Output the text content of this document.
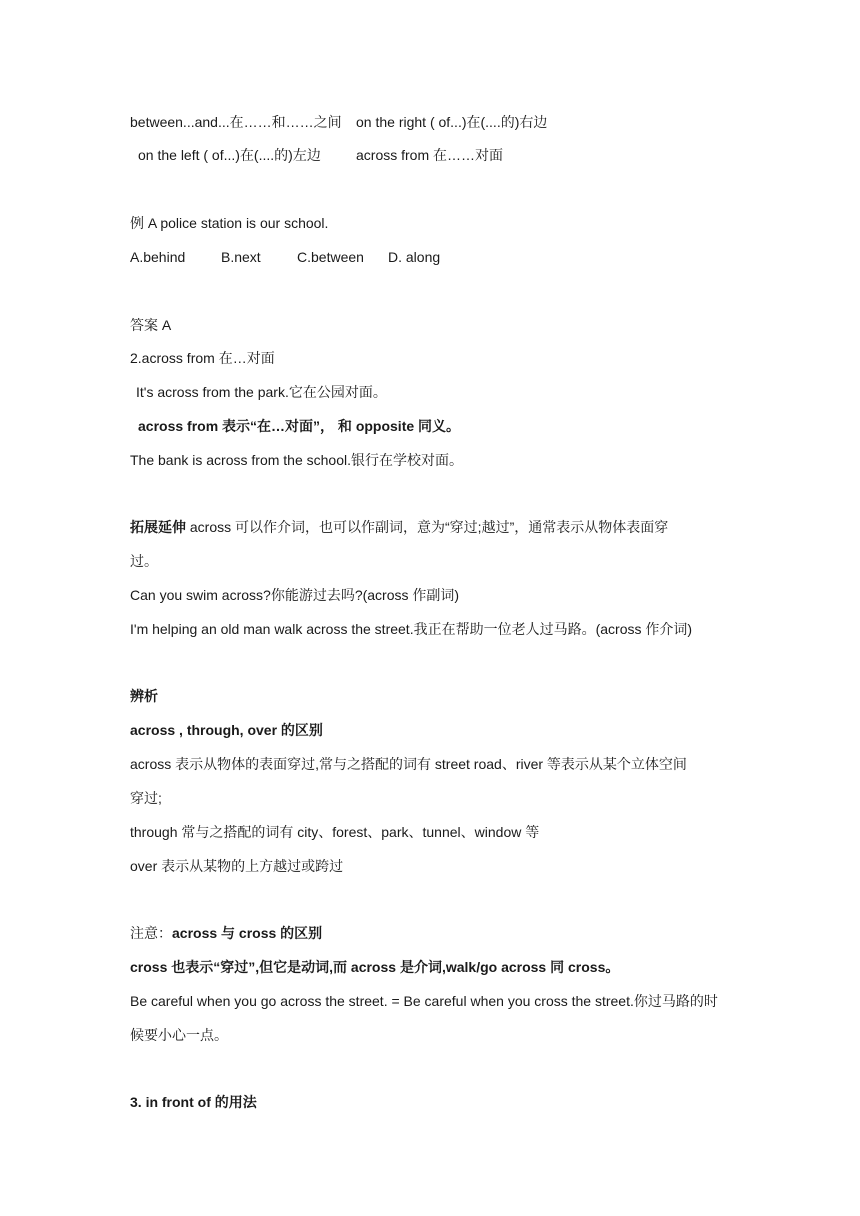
between...and...在……和……之间 on the right ( of...)在(....的)右边
on the left ( of...)在(....的)左边	across from 在……对面
例 A police station is our school.
A.behind	B.next	C.between D. along
答案 A
2.across from 在…对面
It's across from the park.它在公园对面。
across from 表示“在…对面”， 和 opposite 同义。
The bank is across from the school.银行在学校对面。
拓展延伸 across 可以作介词，也可以作副词，意为“穿过;越过”，通常表示从物体表面穿
过。
Can you swim across?你能游过去吗?(across 作副词)
I'm helping an old man walk across the street.我正在帮助一位老人过马路。(across 作介词)
辨析
across , through, over 的区别
across 表示从物体的表面穿过,常与之搭配的词有 street road、river 等表示从某个立体空间
穿过;
through 常与之搭配的词有 city、forest、park、tunnel、window 等
over 表示从某物的上方越过或跨过
注意：across 与 cross 的区别
cross 也表示“穿过”,但它是动词,而 across 是介词,walk/go across 同 cross。
Be careful when you go across the street. = Be careful when you cross the street.你过马路的时
候要小心一点。
3. in front of 的用法
